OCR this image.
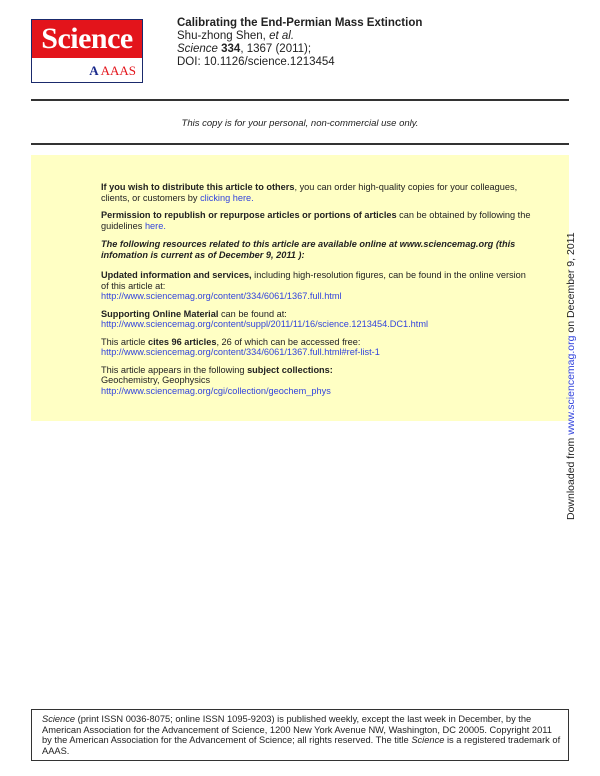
Science
A AAAS
Calibrating the End-Permian Mass Extinction
Shu-zhong Shen, et al.
Science 334, 1367 (2011);
DOI: 10.1126/science.1213454
This copy is for your personal, non-commercial use only.

If you wish to distribute this article to others, you can order high-quality copies for your colleagues, clients, or customers by clicking here.

Permission to republish or repurpose articles or portions of articles can be obtained by following the guidelines here.

The following resources related to this article are available online at www.sciencemag.org (this infomation is current as of December 9, 2011 ):

Updated information and services, including high-resolution figures, can be found in the online version of this article at:
http://www.sciencemag.org/content/334/6061/1367.full.html

Supporting Online Material can be found at:
http://www.sciencemag.org/content/suppl/2011/11/16/science.1213454.DC1.html

This article cites 96 articles, 26 of which can be accessed free:
http://www.sciencemag.org/content/334/6061/1367.full.html#ref-list-1

This article appears in the following subject collections:
Geochemistry, Geophysics
http://www.sciencemag.org/cgi/collection/geochem_phys

Downloaded from www.sciencemag.org on December 9, 2011
Science (print ISSN 0036-8075; online ISSN 1095-9203) is published weekly, except the last week in December, by the American Association for the Advancement of Science, 1200 New York Avenue NW, Washington, DC 20005. Copyright 2011 by the American Association for the Advancement of Science; all rights reserved. The title Science is a registered trademark of AAAS.
